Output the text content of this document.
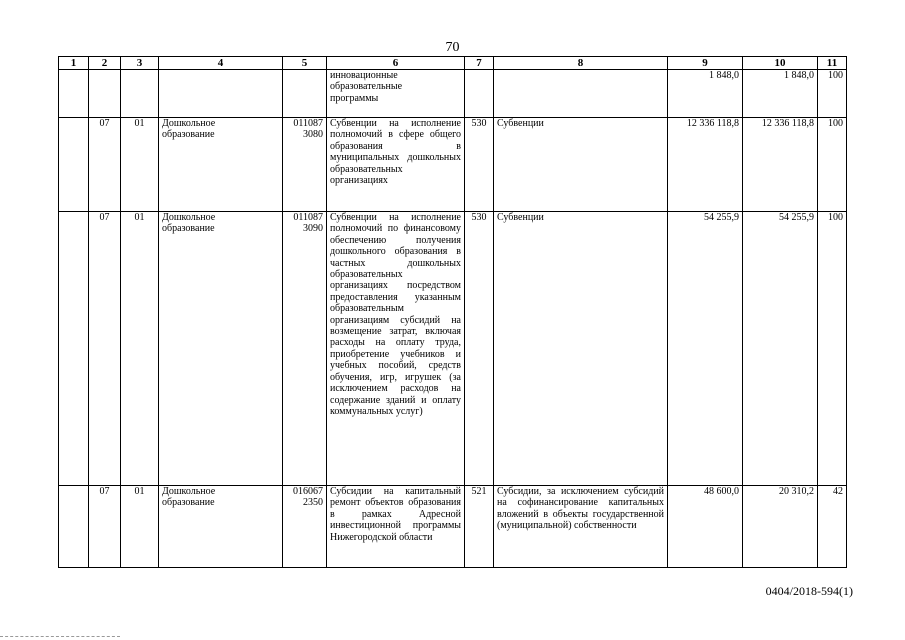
70
1	2	3	4	5	6	7	8	9	10	11

					инновационные образовательные программы			1 848,0	1 848,0	100
	07	01	Дошкольное образование	011087 3080	Субвенции на исполнение полномочий в сфере общего образования в муниципальных дошкольных образовательных организациях	530	Субвенции	12 336 118,8	12 336 118,8	100
	07	01	Дошкольное образование	011087 3090	Субвенции на исполнение полномочий по финансовому обеспечению получения дошкольного образования в частных дошкольных образовательных организациях посредством предоставления указанным образовательным организациям субсидий на возмещение затрат, включая расходы на оплату труда, приобретение учебников и учебных пособий, средств обучения, игр, игрушек (за исключением расходов на содержание зданий и оплату коммунальных услуг)	530	Субвенции	54 255,9	54 255,9	100
	07	01	Дошкольное образование	016067 2350	Субсидии на капитальный ремонт объектов образования в рамках Адресной инвестиционной программы Нижегородской области	521	Субсидии, за исключением субсидий на софинансирование капитальных вложений в объекты государственной (муниципальной) собственности	48 600,0	20 310,2	42
0404/2018-594(1)
